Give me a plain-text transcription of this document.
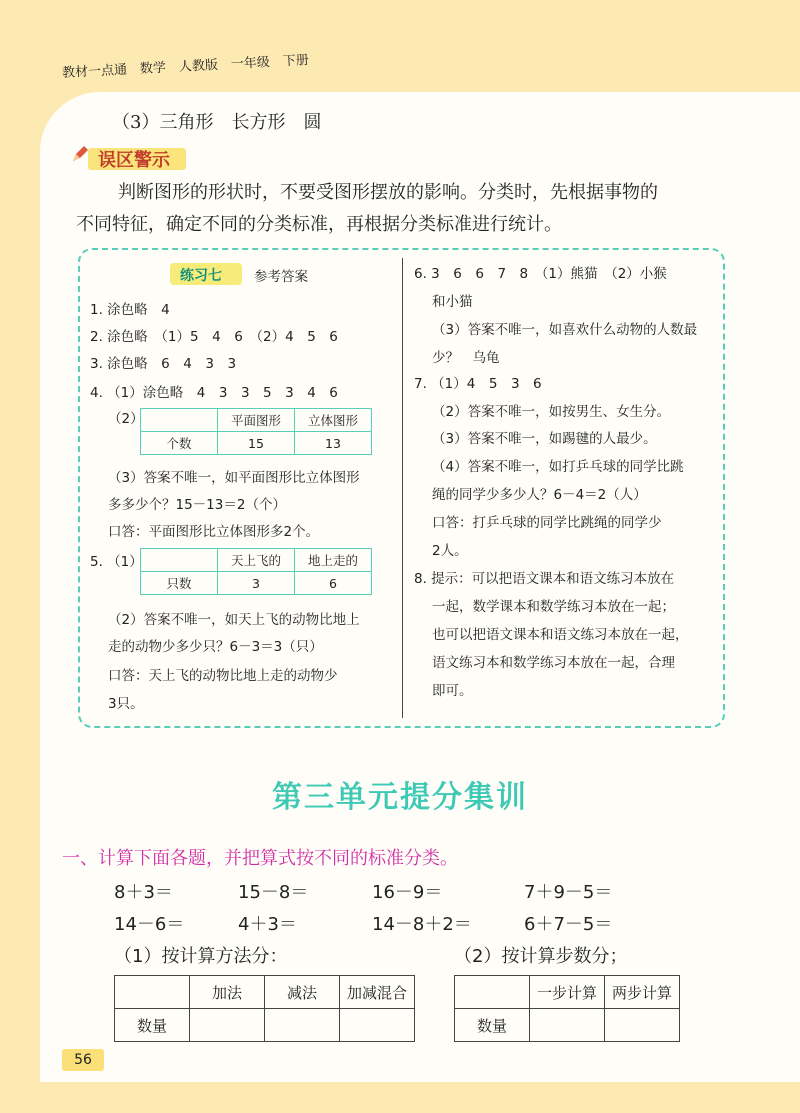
教材一点通　数学　人教版　一年级　下册
（3）三角形　长方形　圆
误区警示
判断图形的形状时，不要受图形摆放的影响。分类时，先根据事物的
不同特征，确定不同的分类标准，再根据分类标准进行统计。
练习七 参考答案
1. 涂色略　4
2. 涂色略　（1）5　4　6　（2）4　5　6
3. 涂色略　6　4　3　3
4. （1）涂色略　4　3　3　5　3　4　6
（2）
		平面图形	立体图形
个数	15	13
（3）答案不唯一，如平面图形比立体图形
多多少个？15－13＝2（个）
口答：平面图形比立体图形多2个。
5. （1）
		天上飞的	地上走的
只数	3	6
（2）答案不唯一，如天上飞的动物比地上
走的动物少多少只？6－3＝3（只）
口答：天上飞的动物比地上走的动物少
3只。
6. 3　6　6　7　8　（1）熊猫　（2）小猴
和小猫
（3）答案不唯一，如喜欢什么动物的人数最
少？　乌龟
7. （1）4　5　3　6
（2）答案不唯一，如按男生、女生分。
（3）答案不唯一，如踢毽的人最少。
（4）答案不唯一，如打乒乓球的同学比跳
绳的同学少多少人？6－4＝2（人）
口答：打乒乓球的同学比跳绳的同学少
2人。
8. 提示：可以把语文课本和语文练习本放在
一起，数学课本和数学练习本放在一起；
也可以把语文课本和语文练习本放在一起，
语文练习本和数学练习本放在一起，合理
即可。
第三单元提分集训
一、计算下面各题，并把算式按不同的标准分类。
8＋3＝	15－8＝	16－9＝	7＋9－5＝
14－6＝	4＋3＝	14－8＋2＝	6＋7－5＝
（1）按计算方法分：	（2）按计算步数分；
	加法	减法	加减混合
数量			
	一步计算	两步计算
数量		
56
